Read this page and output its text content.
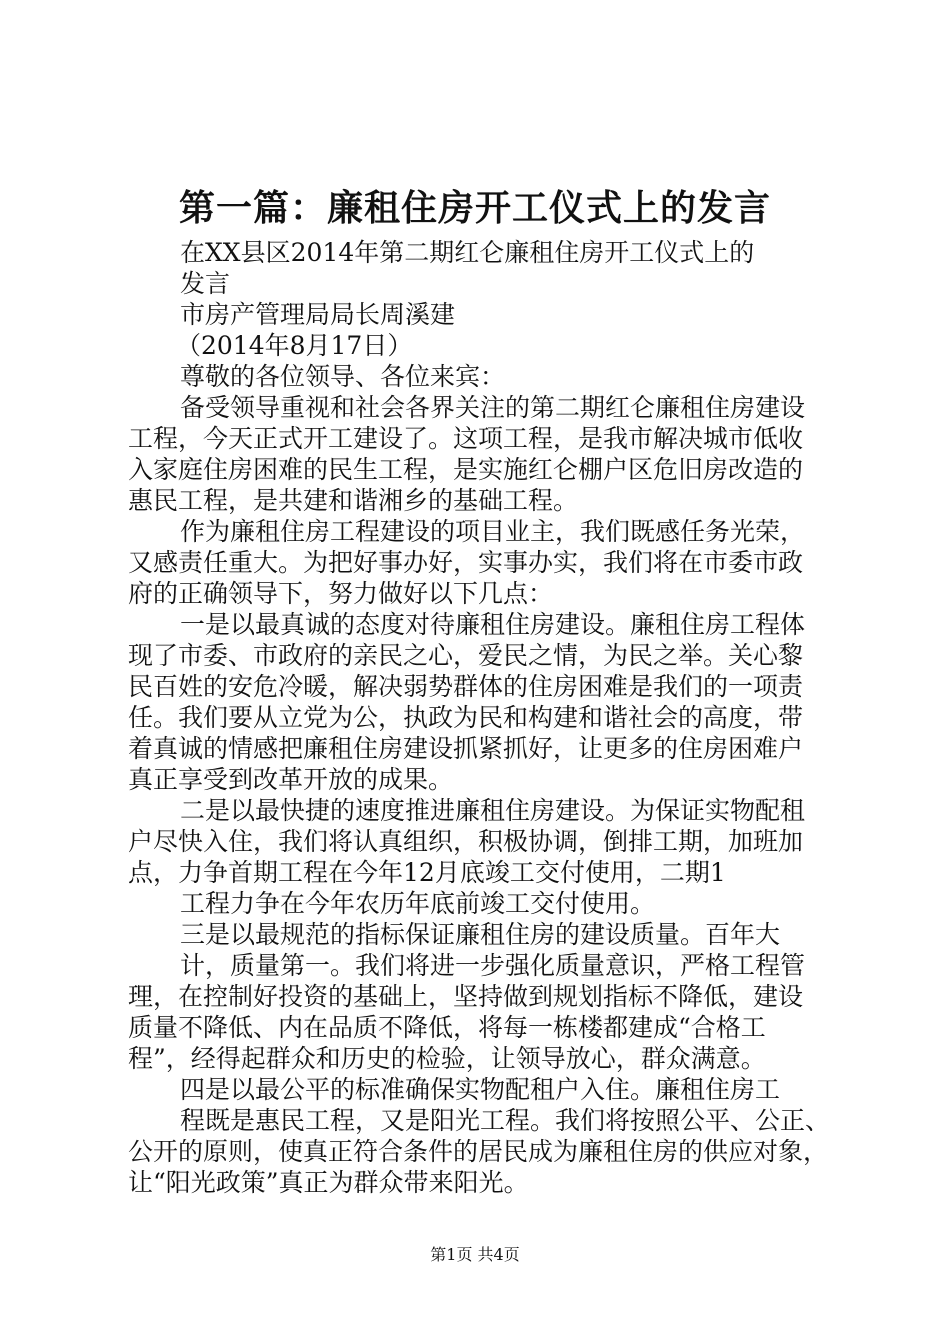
第一篇：廉租住房开工仪式上的发言
在XX县区2014年第二期红仑廉租住房开工仪式上的
发言
市房产管理局局长周溪建
（2014年8月17日）
尊敬的各位领导、各位来宾：
备受领导重视和社会各界关注的第二期红仑廉租住房建设
工程，今天正式开工建设了。这项工程，是我市解决城市低收
入家庭住房困难的民生工程，是实施红仑棚户区危旧房改造的
惠民工程，是共建和谐湘乡的基础工程。
作为廉租住房工程建设的项目业主，我们既感任务光荣，
又感责任重大。为把好事办好，实事办实，我们将在市委市政
府的正确领导下，努力做好以下几点：
一是以最真诚的态度对待廉租住房建设。廉租住房工程体
现了市委、市政府的亲民之心，爱民之情，为民之举。关心黎
民百姓的安危冷暖，解决弱势群体的住房困难是我们的一项责
任。我们要从立党为公，执政为民和构建和谐社会的高度，带
着真诚的情感把廉租住房建设抓紧抓好，让更多的住房困难户
真正享受到改革开放的成果。
二是以最快捷的速度推进廉租住房建设。为保证实物配租
户尽快入住，我们将认真组织，积极协调，倒排工期，加班加
点，力争首期工程在今年12月底竣工交付使用，二期1
工程力争在今年农历年底前竣工交付使用。
三是以最规范的指标保证廉租住房的建设质量。百年大
计，质量第一。我们将进一步强化质量意识，严格工程管
理，在控制好投资的基础上，坚持做到规划指标不降低，建设
质量不降低、内在品质不降低，将每一栋楼都建成“合格工
程”，经得起群众和历史的检验，让领导放心，群众满意。
四是以最公平的标准确保实物配租户入住。廉租住房工
程既是惠民工程，又是阳光工程。我们将按照公平、公正、
公开的原则，使真正符合条件的居民成为廉租住房的供应对象，
让“阳光政策”真正为群众带来阳光。
第1页 共4页
